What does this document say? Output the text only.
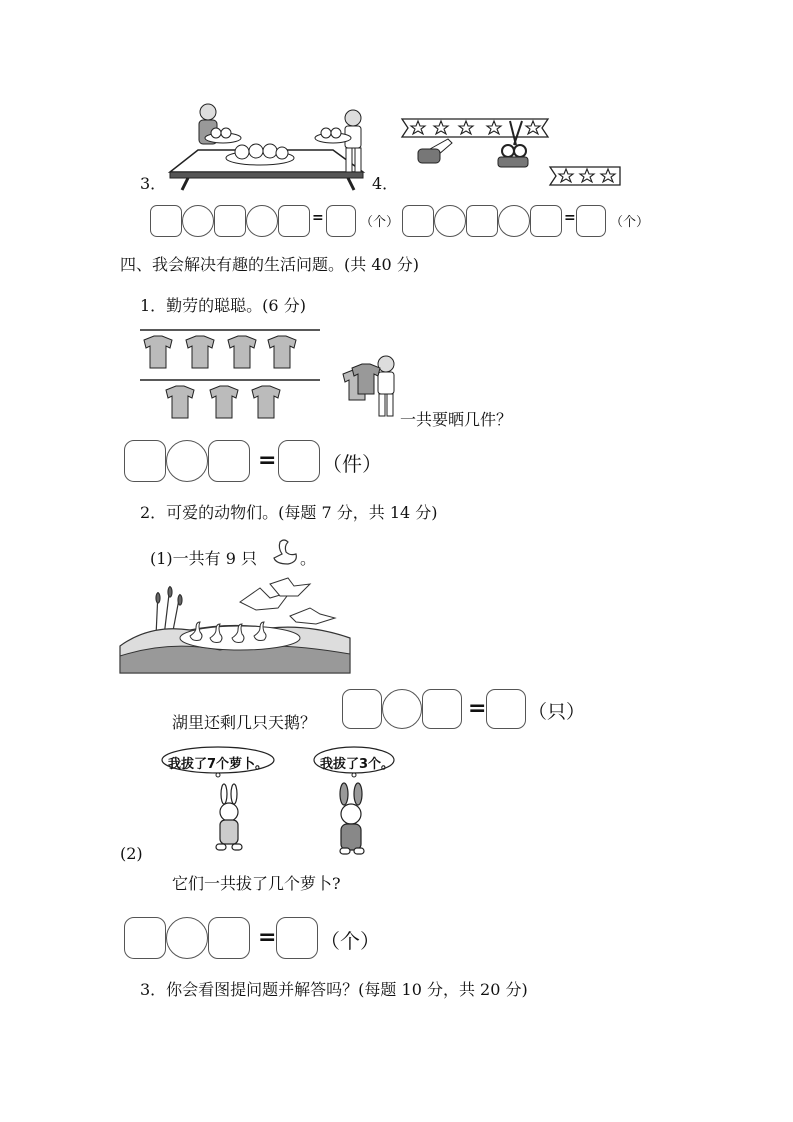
3．	4．
=	（个）	=	（个）
四、我会解决有趣的生活问题。(共 40 分)
1．勤劳的聪聪。(6 分)
一共要晒几件？
= （件）
2．可爱的动物们。(每题 7 分，共 14 分)
(1)一共有 9 只	。
湖里还剩几只天鹅？
= （只）
我拔了7个萝卜。	我拔了3个。
(2)
它们一共拔了几个萝卜?
= （个）
3．你会看图提问题并解答吗？(每题 10 分，共 20 分)
